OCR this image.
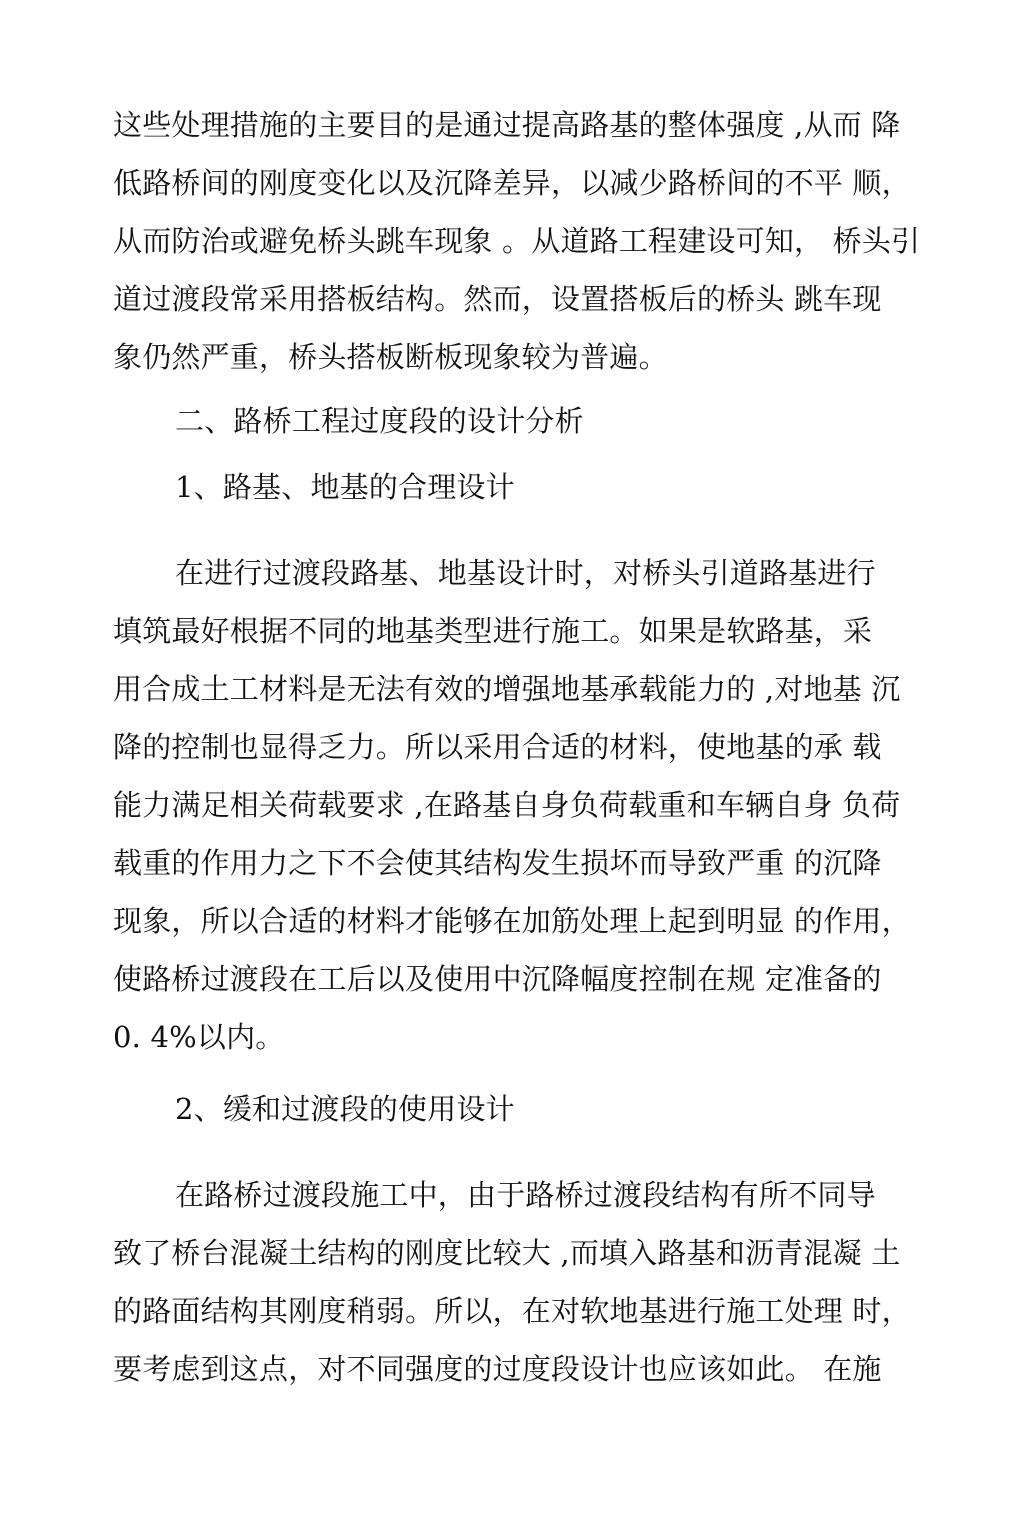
这些处理措施的主要目的是通过提高路基的整体强度 ,从而 降
低路桥间的刚度变化以及沉降差异，以减少路桥间的不平 顺，
从而防治或避免桥头跳车现象 。从道路工程建设可知， 桥头引
道过渡段常采用搭板结构。然而，设置搭板后的桥头 跳车现
象仍然严重，桥头搭板断板现象较为普遍。
二、路桥工程过度段的设计分析
1、路基、地基的合理设计
在进行过渡段路基、地基设计时，对桥头引道路基进行
填筑最好根据不同的地基类型进行施工。如果是软路基，采
用合成土工材料是无法有效的增强地基承载能力的 ,对地基 沉
降的控制也显得乏力。所以采用合适的材料，使地基的承 载
能力满足相关荷载要求 ,在路基自身负荷载重和车辆自身 负荷
载重的作用力之下不会使其结构发生损坏而导致严重 的沉降
现象，所以合适的材料才能够在加筋处理上起到明显 的作用，
使路桥过渡段在工后以及使用中沉降幅度控制在规 定准备的
0. 4%以内。
2、缓和过渡段的使用设计
在路桥过渡段施工中，由于路桥过渡段结构有所不同导
致了桥台混凝土结构的刚度比较大 ,而填入路基和沥青混凝 土
的路面结构其刚度稍弱。所以，在对软地基进行施工处理 时，
要考虑到这点，对不同强度的过度段设计也应该如此。 在施
